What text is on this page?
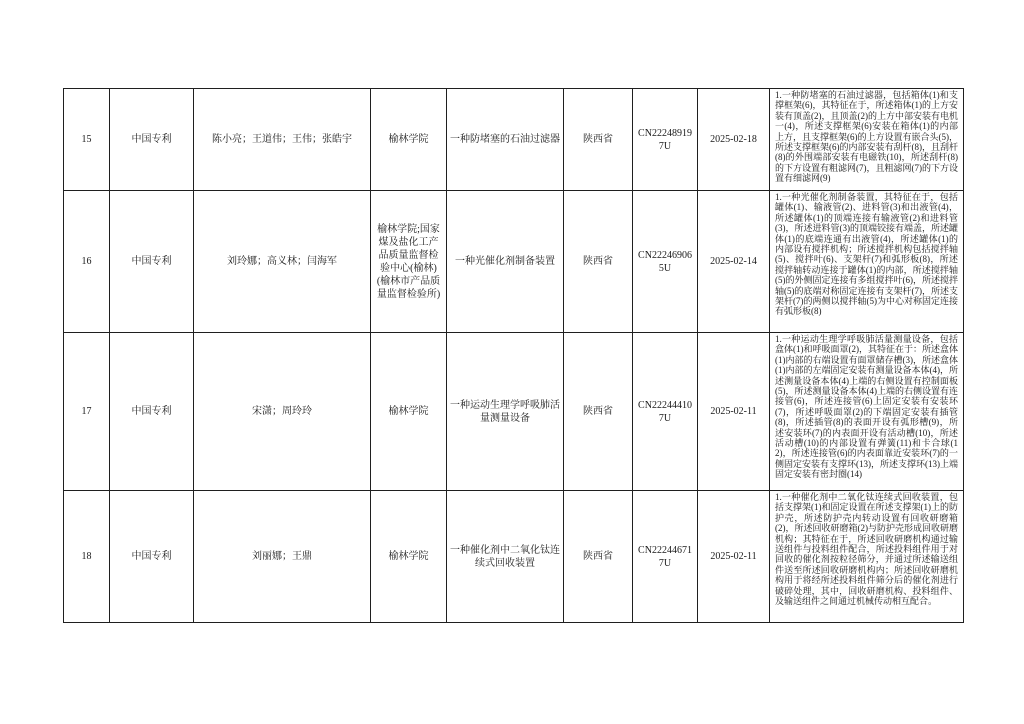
15	中国专利	陈小亮；王道伟；王伟；张皓宇	榆林学院	一种防堵塞的石油过滤器	陕西省	CN222489197U	2025-02-18	1.一种防堵塞的石油过滤器，包括箱体(1)和支撑框架(6)，其特征在于，所述箱体(1)的上方安装有顶盖(2)，且顶盖(2)的上方中部安装有电机一(4)，所述支撑框架(6)安装在箱体(1)的内部上方，且支撑框架(6)的上方设置有嵌合头(5)，所述支撑框架(6)的内部安装有刮杆(8)，且刮杆(8)的外围端部安装有电磁铁(10)，所述刮杆(8)的下方设置有粗滤网(7)，且粗滤网(7)的下方设置有细滤网(9)

16	中国专利	刘玲娜；高义林；闫海军	榆林学院;国家煤及盐化工产品质量监督检验中心(榆林)(榆林市产品质量监督检验所)	一种光催化剂制备装置	陕西省	CN222469065U	2025-02-14	1.一种光催化剂制备装置，其特征在于，包括罐体(1)、输液管(2)、进料管(3)和出液管(4)，所述罐体(1)的顶端连接有输液管(2)和进料管(3)，所述进料管(3)的顶端铰接有端盖，所述罐体(1)的底端连通有出液管(4)，所述罐体(1)的内部设有搅拌机构；所述搅拌机构包括搅拌轴(5)、搅拌叶(6)、支架杆(7)和弧形板(8)，所述搅拌轴转动连接于罐体(1)的内部，所述搅拌轴(5)的外侧固定连接有多组搅拌叶(6)，所述搅拌轴(5)的底端对称固定连接有支架杆(7)，所述支架杆(7)的两侧以搅拌轴(5)为中心对称固定连接有弧形板(8)

17	中国专利	宋潇；周玲玲	榆林学院	一种运动生理学呼吸肺活量测量设备	陕西省	CN222444107U	2025-02-11	1.一种运动生理学呼吸肺活量测量设备，包括盒体(1)和呼吸面罩(2)，其特征在于：所述盒体(1)内部的右端设置有面罩储存槽(3)，所述盒体(1)内部的左端固定安装有测量设备本体(4)，所述测量设备本体(4)上端的右侧设置有控制面板(5)，所述测量设备本体(4)上端的右侧设置有连接管(6)，所述连接管(6)上固定安装有安装环(7)，所述呼吸面罩(2)的下端固定安装有插管(8)，所述插管(8)的表面开设有弧形槽(9)，所述安装环(7)的内表面开设有活动槽(10)，所述活动槽(10)的内部设置有弹簧(11)和卡合球(12)，所述连接管(6)的内表面靠近安装环(7)的一侧固定安装有支撑环(13)，所述支撑环(13)上端固定安装有密封圈(14)

18	中国专利	刘丽娜；王鼎	榆林学院	一种催化剂中二氧化钛连续式回收装置	陕西省	CN222446717U	2025-02-11	1.一种催化剂中二氧化钛连续式回收装置，包括支撑架(1)和固定设置在所述支撑架(1)上的防护壳，所述防护壳内转动设置有回收研磨箱(2)，所述回收研磨箱(2)与防护壳形成回收研磨机构；其特征在于，所述回收研磨机构通过输送组件与投料组件配合，所述投料组件用于对回收的催化剂按粒径筛分，并通过所述输送组件送至所述回收研磨机构内；所述回收研磨机构用于将经所述投料组件筛分后的催化剂进行破碎处理，其中，回收研磨机构、投料组件、及输送组件之间通过机械传动相互配合。
